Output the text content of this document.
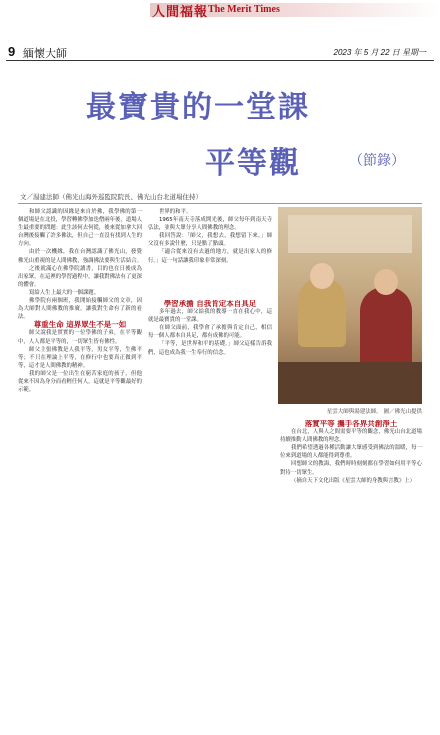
人間福報 The Merit Times
9 緬懷大師	2023 年 5 月 22 日 星期一
最寶貴的一堂課
平等觀	（節錄）
文／湯建法師（佛光山海外巡監院院長、佛光山台北道場住持）

和師父認識的因緣是來自於佛，我學佛的第一個道場是在北投，學習轉佛學加迭僧兩年後，道場人生最重要的問題：此生該何去何從，後來從加拿大回台灣後接觸了許多佛法，但自己一直沒有找到人生的方向。

由於一次機緣，我在台灣認識了佛光山，發覺佛光山重視的是人間佛教，強調佛法要與生活結合。

之後就滿心在佛學院讀書，目的也在日後成為出家眾，在這裡的學習過程中，讓我對佛法有了更深的體會。

寫給人生上最大的一個課題。

佛學院有兩個班，我開始接觸師父的文章，因為大師對人間佛教的推廣，讓我對生命有了新的看法。

尊重生命 這界眾生不是一如

師父說我是實實的一位學佛的子弟，在平等觀中，人人都是平等的，一切眾生皆有佛性。

師父主張佛教是人我平等，男女平等，生佛平等；不只在理論上平等，在修行中也要真正做到平等，這才是人間佛教的精神。

我的師父是一位出生在窮苦家庭的孩子，但他從來不因為身分而看輕任何人，這就是平等觀最好的示範。

世界的和平。

1965年南天寺落成開光後，師父每年到南天寺弘法，並與大眾分享人間佛教的理念。

我回答說：「師父，我想去，我想留下來。」師父沒有多說什麼，只是點了點頭。

「適合從來沒有去過的地方，就是出家人的修行。」這一句話讓我印象非常深刻。

學習承擔 自我肯定本自具足

多年過去，師父給我的教導一直在我心中，這就是最寶貴的一堂課。

在師父面前，我學會了承擔與肯定自己，相信每一個人都本自具足，都有成佛的可能。

「平等，是世界和平的基礎。」師父這樣告訴我們，這也成為我一生奉行的信念。

星雲大師與湯建法師。 圖／佛光山提供

落實平等 攜手各界共創淨土

在台北，人與人之間需要平等的觀念，佛光山台北道場持續推動人間佛教的理念。

我們希望透過各種活動讓大眾感受到佛法的溫暖，每一位來到道場的人都能得到尊重。

回想師父的教誨，我們時時刻刻都在學習如何用平等心對待一切眾生。

（摘自天下文化出版《星雲大師的身教與言教》上）
